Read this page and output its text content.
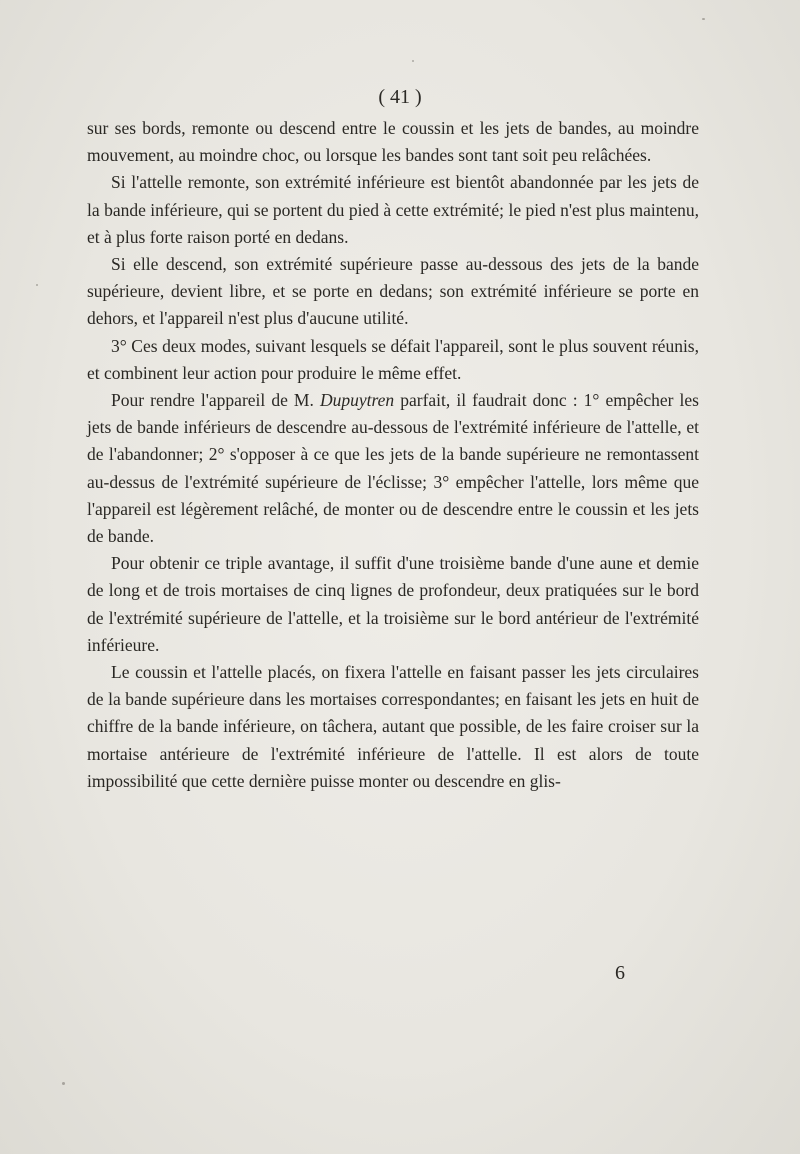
( 41 )

sur ses bords, remonte ou descend entre le coussin et les jets de bandes, au moindre mouvement, au moindre choc, ou lorsque les bandes sont tant soit peu relâchées.

Si l'attelle remonte, son extrémité inférieure est bientôt abandonnée par les jets de la bande inférieure, qui se portent du pied à cette extrémité; le pied n'est plus maintenu, et à plus forte raison porté en dedans.

Si elle descend, son extrémité supérieure passe au-dessous des jets de la bande supérieure, devient libre, et se porte en dedans; son extrémité inférieure se porte en dehors, et l'appareil n'est plus d'aucune utilité.

3° Ces deux modes, suivant lesquels se défait l'appareil, sont le plus souvent réunis, et combinent leur action pour produire le même effet.

Pour rendre l'appareil de M. Dupuytren parfait, il faudrait donc : 1° empêcher les jets de bande inférieurs de descendre au-dessous de l'extrémité inférieure de l'attelle, et de l'abandonner; 2° s'opposer à ce que les jets de la bande supérieure ne remontassent au-dessus de l'extrémité supérieure de l'éclisse; 3° empêcher l'attelle, lors même que l'appareil est légèrement relâché, de monter ou de descendre entre le coussin et les jets de bande.

Pour obtenir ce triple avantage, il suffit d'une troisième bande d'une aune et demie de long et de trois mortaises de cinq lignes de profondeur, deux pratiquées sur le bord de l'extrémité supérieure de l'attelle, et la troisième sur le bord antérieur de l'extrémité inférieure.

Le coussin et l'attelle placés, on fixera l'attelle en faisant passer les jets circulaires de la bande supérieure dans les mortaises correspondantes; en faisant les jets en huit de chiffre de la bande inférieure, on tâchera, autant que possible, de les faire croiser sur la mortaise antérieure de l'extrémité inférieure de l'attelle. Il est alors de toute impossibilité que cette dernière puisse monter ou descendre en glis-

6
